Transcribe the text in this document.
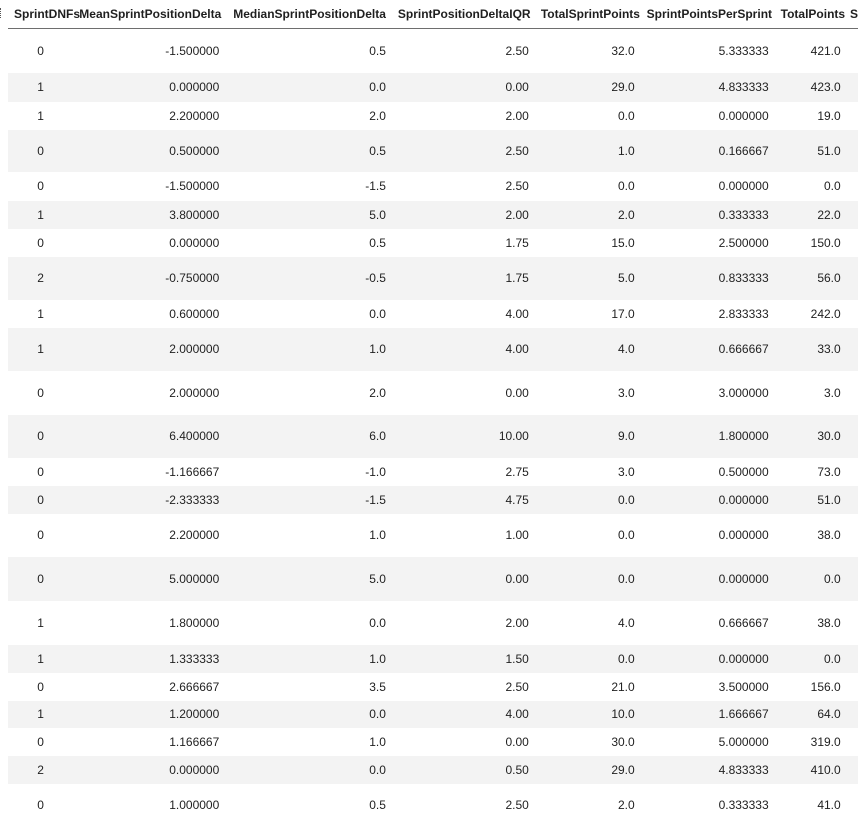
SprintDNFs	MeanSprintPositionDelta	MedianSprintPositionDelta	SprintPositionDeltaIQR	TotalSprintPoints	SprintPointsPerSprint	TotalPoints	S
0	-1.500000	0.5	2.50	32.0	5.333333	421.0	
1	0.000000	0.0	0.00	29.0	4.833333	423.0	
1	2.200000	2.0	2.00	0.0	0.000000	19.0	
0	0.500000	0.5	2.50	1.0	0.166667	51.0	
0	-1.500000	-1.5	2.50	0.0	0.000000	0.0	
1	3.800000	5.0	2.00	2.0	0.333333	22.0	
0	0.000000	0.5	1.75	15.0	2.500000	150.0	
2	-0.750000	-0.5	1.75	5.0	0.833333	56.0	
1	0.600000	0.0	4.00	17.0	2.833333	242.0	
1	2.000000	1.0	4.00	4.0	0.666667	33.0	
0	2.000000	2.0	0.00	3.0	3.000000	3.0	
0	6.400000	6.0	10.00	9.0	1.800000	30.0	
0	-1.166667	-1.0	2.75	3.0	0.500000	73.0	
0	-2.333333	-1.5	4.75	0.0	0.000000	51.0	
0	2.200000	1.0	1.00	0.0	0.000000	38.0	
0	5.000000	5.0	0.00	0.0	0.000000	0.0	
1	1.800000	0.0	2.00	4.0	0.666667	38.0	
1	1.333333	1.0	1.50	0.0	0.000000	0.0	
0	2.666667	3.5	2.50	21.0	3.500000	156.0	
1	1.200000	0.0	4.00	10.0	1.666667	64.0	
0	1.166667	1.0	0.00	30.0	5.000000	319.0	
2	0.000000	0.0	0.50	29.0	4.833333	410.0	
0	1.000000	0.5	2.50	2.0	0.333333	41.0	
